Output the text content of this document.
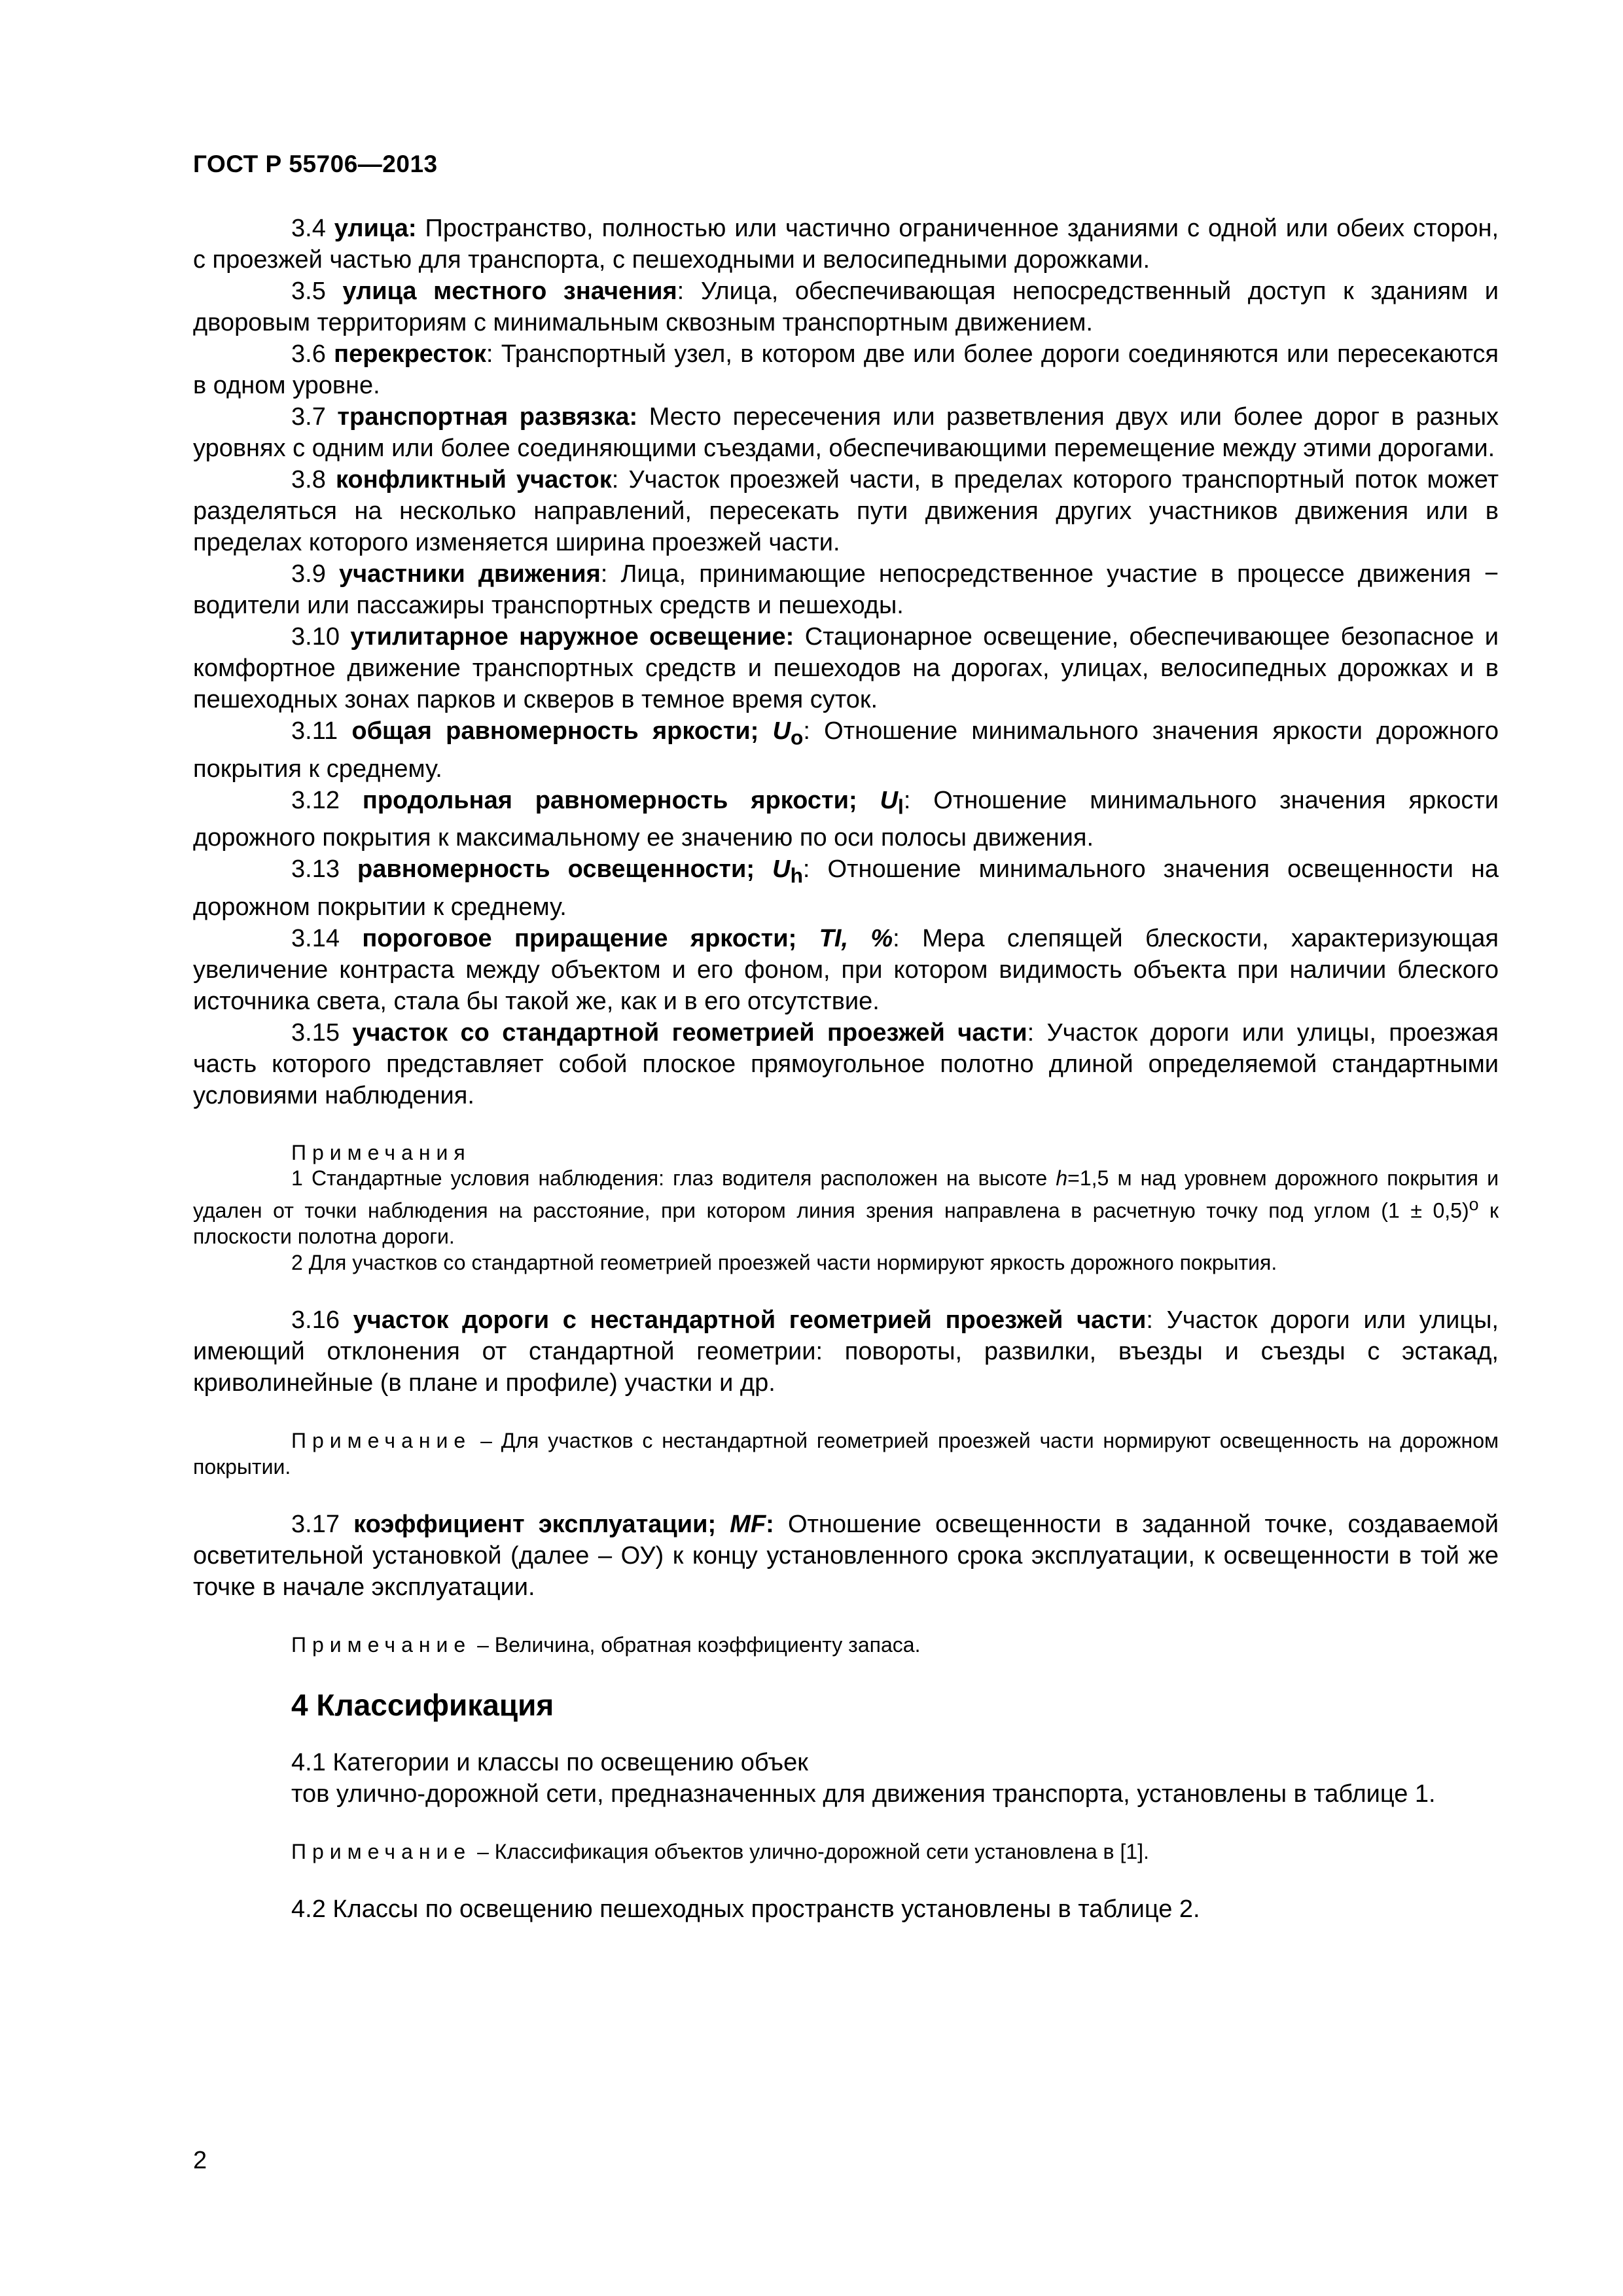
ГОСТ Р 55706—2013

3.4 улица: Пространство, полностью или частично ограниченное зданиями с одной или обеих сторон, с проезжей частью для транспорта, с пешеходными и велосипедными дорожками.

3.5 улица местного значения: Улица, обеспечивающая непосредственный доступ к зданиям и дворовым территориям с минимальным сквозным транспортным движением.

3.6 перекресток: Транспортный узел, в котором две или более дороги соединяются или пересекаются в одном уровне.

3.7 транспортная развязка: Место пересечения или разветвления двух или более дорог в разных уровнях с одним или более соединяющими съездами, обеспечивающими перемещение между этими дорогами.

3.8 конфликтный участок: Участок проезжей части, в пределах которого транспортный поток может разделяться на несколько направлений, пересекать пути движения других участников движения или в пределах которого изменяется ширина проезжей части.

3.9 участники движения: Лица, принимающие непосредственное участие в процессе движения − водители или пассажиры транспортных средств и пешеходы.

3.10 утилитарное наружное освещение: Стационарное освещение, обеспечивающее безопасное и комфортное движение транспортных средств и пешеходов на дорогах, улицах, велосипедных дорожках и в пешеходных зонах парков и скверов в темное время суток.

3.11 общая равномерность яркости; $U_o$: Отношение минимального значения яркости дорожного покрытия к среднему.

3.12 продольная равномерность яркости; $U_l$: Отношение минимального значения яркости дорожного покрытия к максимальному ее значению по оси полосы движения.

3.13 равномерность освещенности; $U_h$: Отношение минимального значения освещенности на дорожном покрытии к среднему.

3.14 пороговое приращение яркости; TI, %: Мера слепящей блескости, характеризующая увеличение контраста между объектом и его фоном, при котором видимость объекта при наличии блеского источника света, стала бы такой же, как и в его отсутствие.

3.15 участок со стандартной геометрией проезжей части: Участок дороги или улицы, проезжая часть которого представляет собой плоское прямоугольное полотно длиной определяемой стандартными условиями наблюдения.

Примечания

1 Стандартные условия наблюдения: глаз водителя расположен на высоте h=1,5 м над уровнем дорожного покрытия и удален от точки наблюдения на расстояние, при котором линия зрения направлена в расчетную точку под углом $(1 \pm 0,5)^о$ к плоскости полотна дороги.

2 Для участков со стандартной геометрией проезжей части нормируют яркость дорожного покрытия.

3.16 участок дороги с нестандартной геометрией проезжей части: Участок дороги или улицы, имеющий отклонения от стандартной геометрии: повороты, развилки, въезды и съезды с эстакад, криволинейные (в плане и профиле) участки и др.

Примечание – Для участков с нестандартной геометрией проезжей части нормируют освещенность на дорожном покрытии.

3.17 коэффициент эксплуатации; MF: Отношение освещенности в заданной точке, создаваемой осветительной установкой (далее – ОУ) к концу установленного срока эксплуатации, к освещенности в той же точке в начале эксплуатации.

Примечание – Величина, обратная коэффициенту запаса.

4 Классификация

4.1 Категории и классы по освещению объек

тов улично-дорожной сети, предназначенных для движения транспорта, установлены в таблице 1.

Примечание – Классификация объектов улично-дорожной сети установлена в [1].

4.2 Классы по освещению пешеходных пространств установлены в таблице 2.

2
